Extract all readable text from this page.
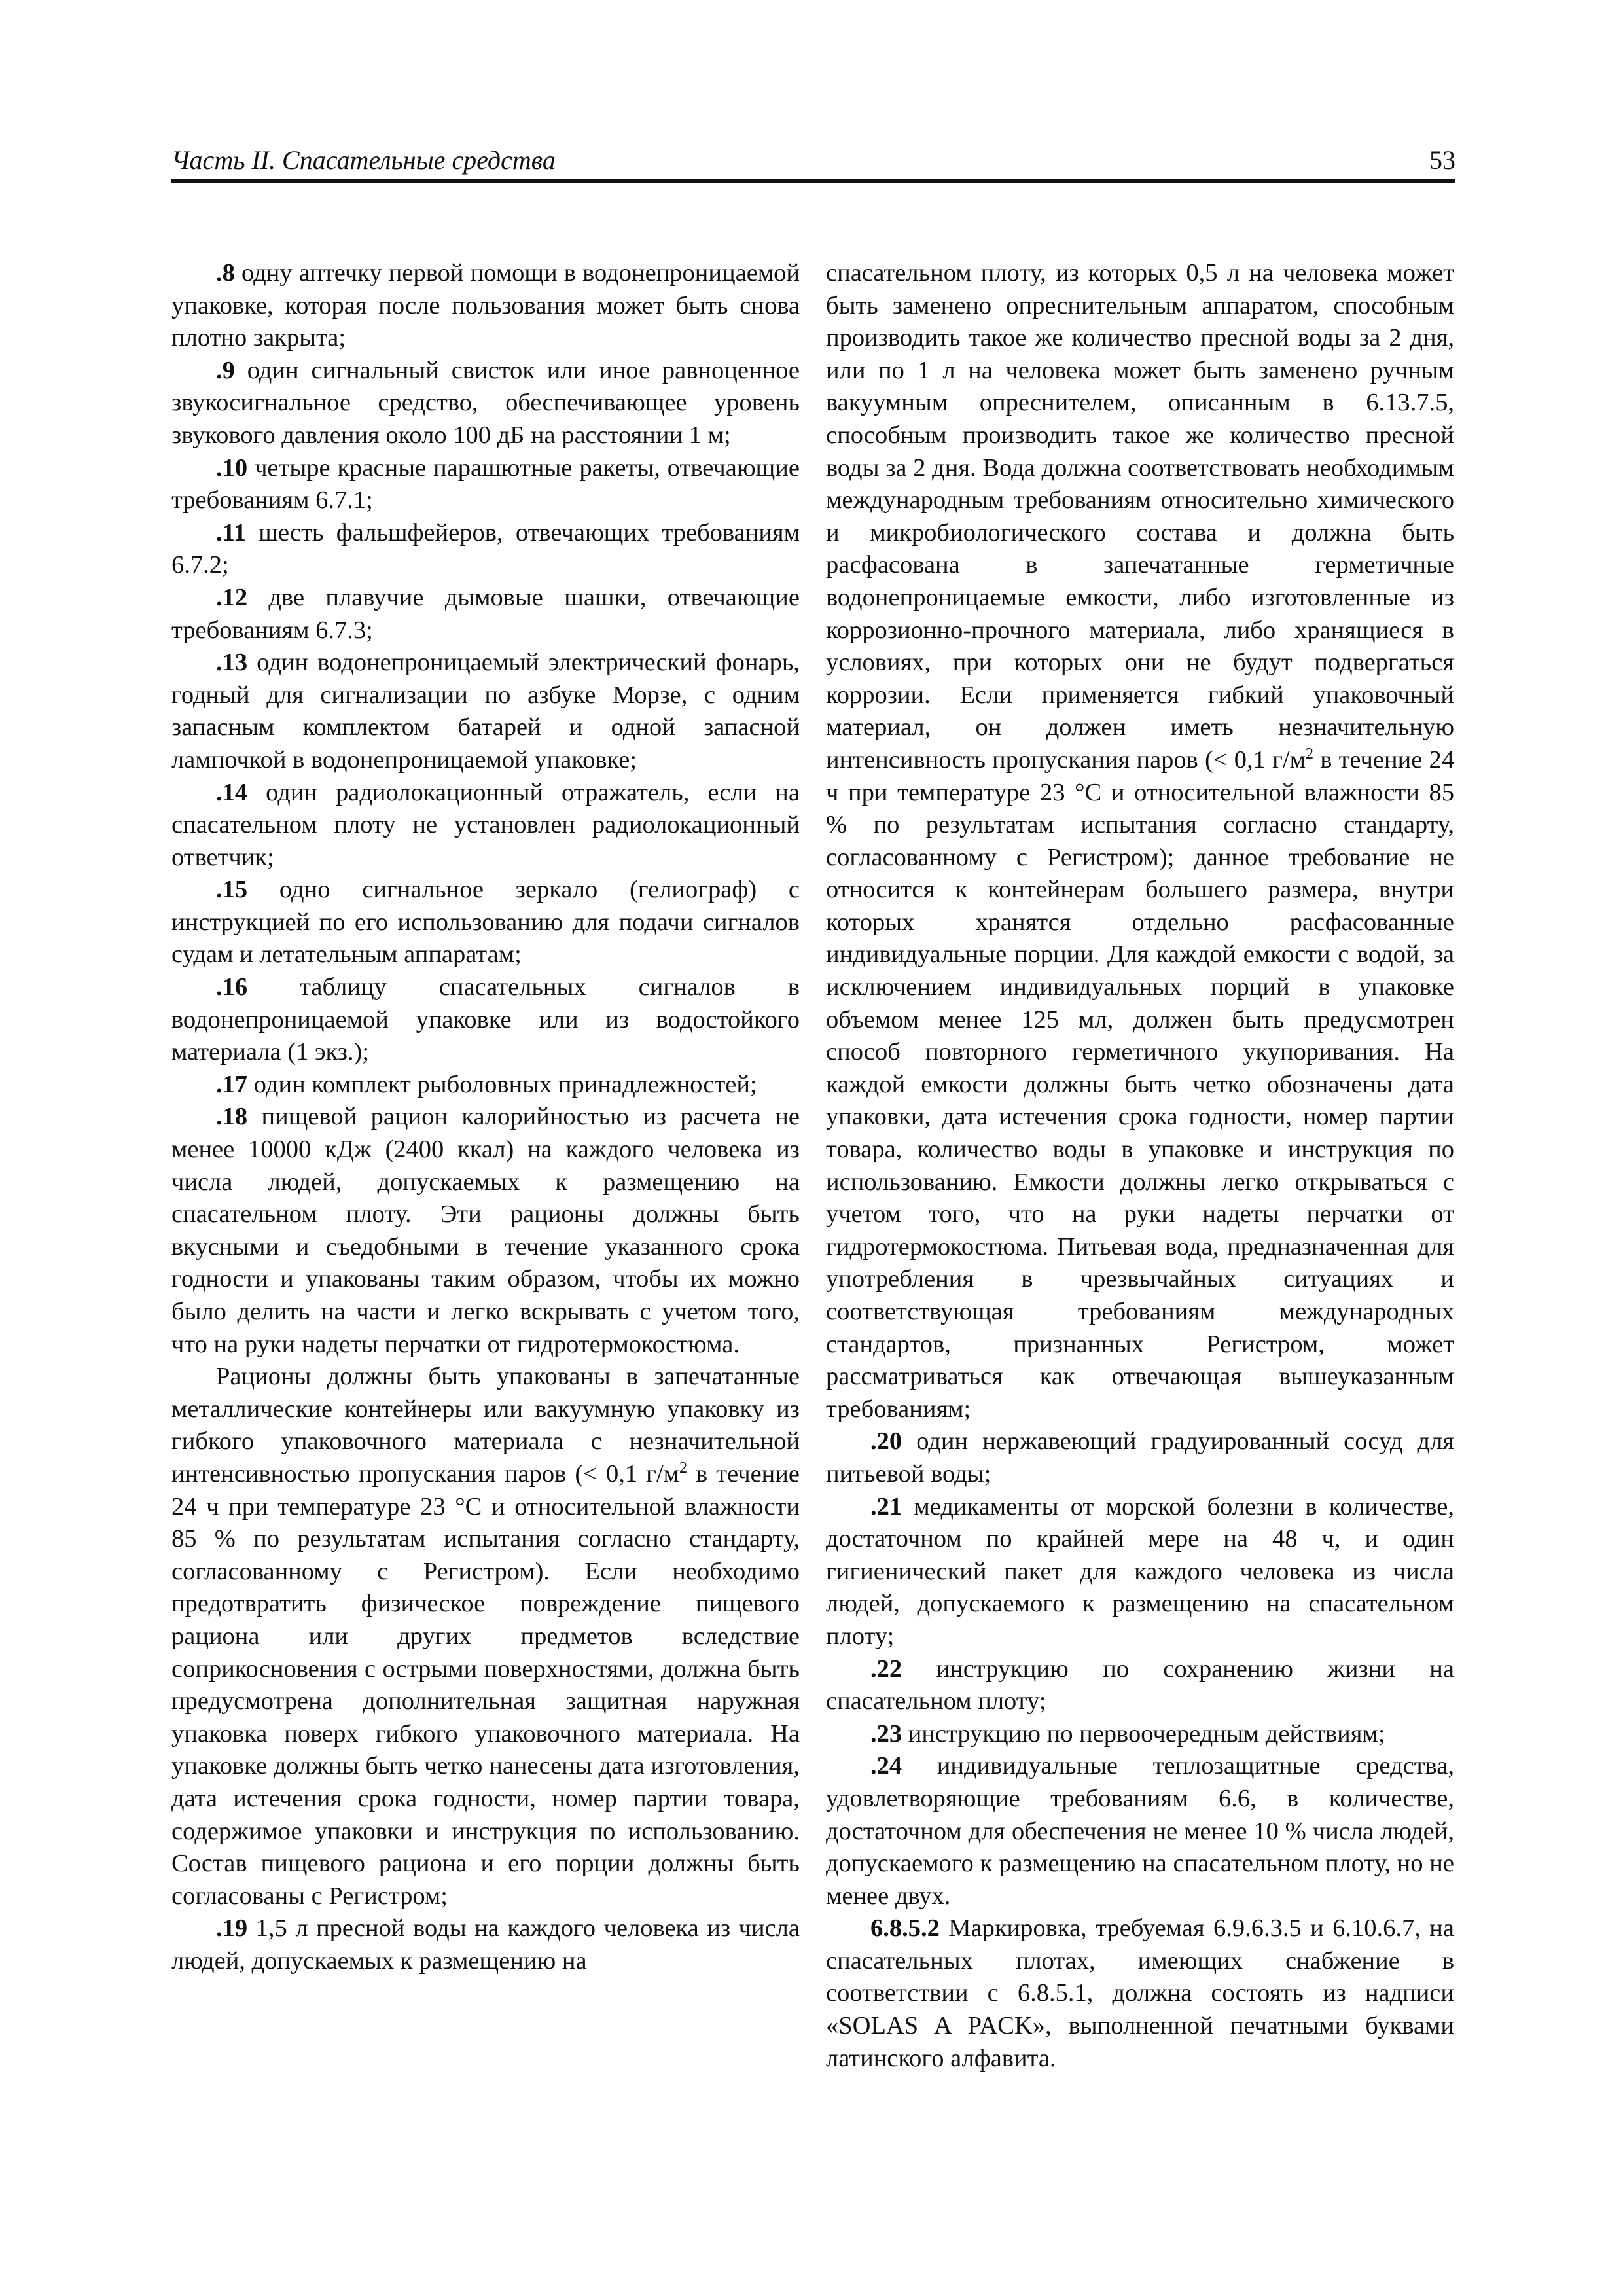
Часть II. Спасательные средства	53

.8 одну аптечку первой помощи в водонепроницаемой упаковке, которая после пользования может быть снова плотно закрыта;

.9 один сигнальный свисток или иное равноценное звукосигнальное средство, обеспечивающее уровень звукового давления около 100 дБ на расстоянии 1 м;

.10 четыре красные парашютные ракеты, отвечающие требованиям 6.7.1;

.11 шесть фальшфейеров, отвечающих требованиям 6.7.2;

.12 две плавучие дымовые шашки, отвечающие требованиям 6.7.3;

.13 один водонепроницаемый электрический фонарь, годный для сигнализации по азбуке Морзе, с одним запасным комплектом батарей и одной запасной лампочкой в водонепроницаемой упаковке;

.14 один радиолокационный отражатель, если на спасательном плоту не установлен радиолокационный ответчик;

.15 одно сигнальное зеркало (гелиограф) с инструкцией по его использованию для подачи сигналов судам и летательным аппаратам;

.16 таблицу спасательных сигналов в водонепроницаемой упаковке или из водостойкого материала (1 экз.);

.17 один комплект рыболовных принадлежностей;

.18 пищевой рацион калорийностью из расчета не менее 10000 кДж (2400 ккал) на каждого человека из числа людей, допускаемых к размещению на спасательном плоту. Эти рационы должны быть вкусными и съедобными в течение указанного срока годности и упакованы таким образом, чтобы их можно было делить на части и легко вскрывать с учетом того, что на руки надеты перчатки от гидротермокостюма.

Рационы должны быть упакованы в запечатанные металлические контейнеры или вакуумную упаковку из гибкого упаковочного материала с незначительной интенсивностью пропускания паров (< 0,1 $г/м^2$ в течение 24 ч при температуре 23 °С и относительной влажности 85 % по результатам испытания согласно стандарту, согласованному с Регистром). Если необходимо предотвратить физическое повреждение пищевого рациона или других предметов вследствие соприкосновения с острыми поверхностями, должна быть предусмотрена дополнительная защитная наружная упаковка поверх гибкого упаковочного материала. На упаковке должны быть четко нанесены дата изготовления, дата истечения срока годности, номер партии товара, содержимое упаковки и инструкция по использованию. Состав пищевого рациона и его порции должны быть согласованы с Регистром;

.19 1,5 л пресной воды на каждого человека из числа людей, допускаемых к размещению на

спасательном плоту, из которых 0,5 л на человека может быть заменено опреснительным аппаратом, способным производить такое же количество пресной воды за 2 дня, или по 1 л на человека может быть заменено ручным вакуумным опреснителем, описанным в 6.13.7.5, способным производить такое же количество пресной воды за 2 дня. Вода должна соответствовать необходимым международным требованиям относительно химического и микробиологического состава и должна быть расфасована в запечатанные герметичные водонепроницаемые емкости, либо изготовленные из коррозионно-прочного материала, либо хранящиеся в условиях, при которых они не будут подвергаться коррозии. Если применяется гибкий упаковочный материал, он должен иметь незначительную интенсивность пропускания паров (< 0,1 $г/м^2$ в течение 24 ч при температуре 23 °С и относительной влажности 85 % по результатам испытания согласно стандарту, согласованному с Регистром); данное требование не относится к контейнерам большего размера, внутри которых хранятся отдельно расфасованные индивидуальные порции. Для каждой емкости с водой, за исключением индивидуальных порций в упаковке объемом менее 125 мл, должен быть предусмотрен способ повторного герметичного укупоривания. На каждой емкости должны быть четко обозначены дата упаковки, дата истечения срока годности, номер партии товара, количество воды в упаковке и инструкция по использованию. Емкости должны легко открываться с учетом того, что на руки надеты перчатки от гидротермокостюма. Питьевая вода, предназначенная для употребления в чрезвычайных ситуациях и соответствующая требованиям международных стандартов, признанных Регистром, может рассматриваться как отвечающая вышеуказанным требованиям;

.20 один нержавеющий градуированный сосуд для питьевой воды;

.21 медикаменты от морской болезни в количестве, достаточном по крайней мере на 48 ч, и один гигиенический пакет для каждого человека из числа людей, допускаемого к размещению на спасательном плоту;

.22 инструкцию по сохранению жизни на спасательном плоту;

.23 инструкцию по первоочередным действиям;

.24 индивидуальные теплозащитные средства, удовлетворяющие требованиям 6.6, в количестве, достаточном для обеспечения не менее 10 % числа людей, допускаемого к размещению на спасательном плоту, но не менее двух.

6.8.5.2 Маркировка, требуемая 6.9.6.3.5 и 6.10.6.7, на спасательных плотах, имеющих снабжение в соответствии с 6.8.5.1, должна состоять из надписи «SOLAS A PACK», выполненной печатными буквами латинского алфавита.
